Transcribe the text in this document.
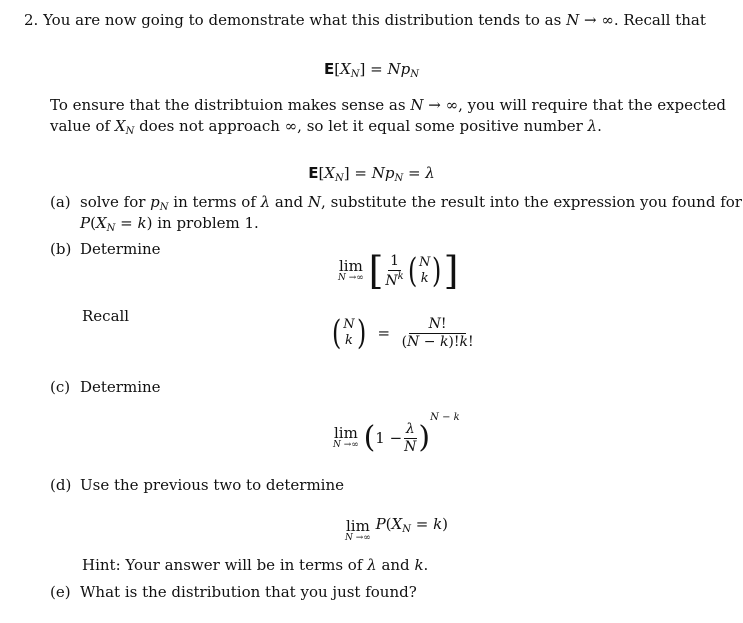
2. You are now going to demonstrate what this distribution tends to as N → ∞. Recall that
$E[X_N] = Np_N$
To ensure that the distribtuion makes sense as N → ∞, you will require that the expected
value of $X_N$ does not approach ∞, so let it equal some positive number λ.
$E[X_N] = Np_N = \lambda$
(a) solve for $p_N$ in terms of λ and N, substitute the result into the expression you found for
$P(X_N = k)$ in problem 1.
(b) Determine
lim
N →∞ [ $\frac{1}{N^k}$ ( N
k ) ]
Recall	( N
k ) = $\frac{N!}{(N - k)!k!}$
(c) Determine
lim
N →∞ $(1 - \frac{\lambda}{N} )^{N - k}$
(d) Use the previous two to determine
lim
N →∞
$P(X_N = k)$
Hint: Your answer will be in terms of λ and k.
(e) What is the distribution that you just found?
